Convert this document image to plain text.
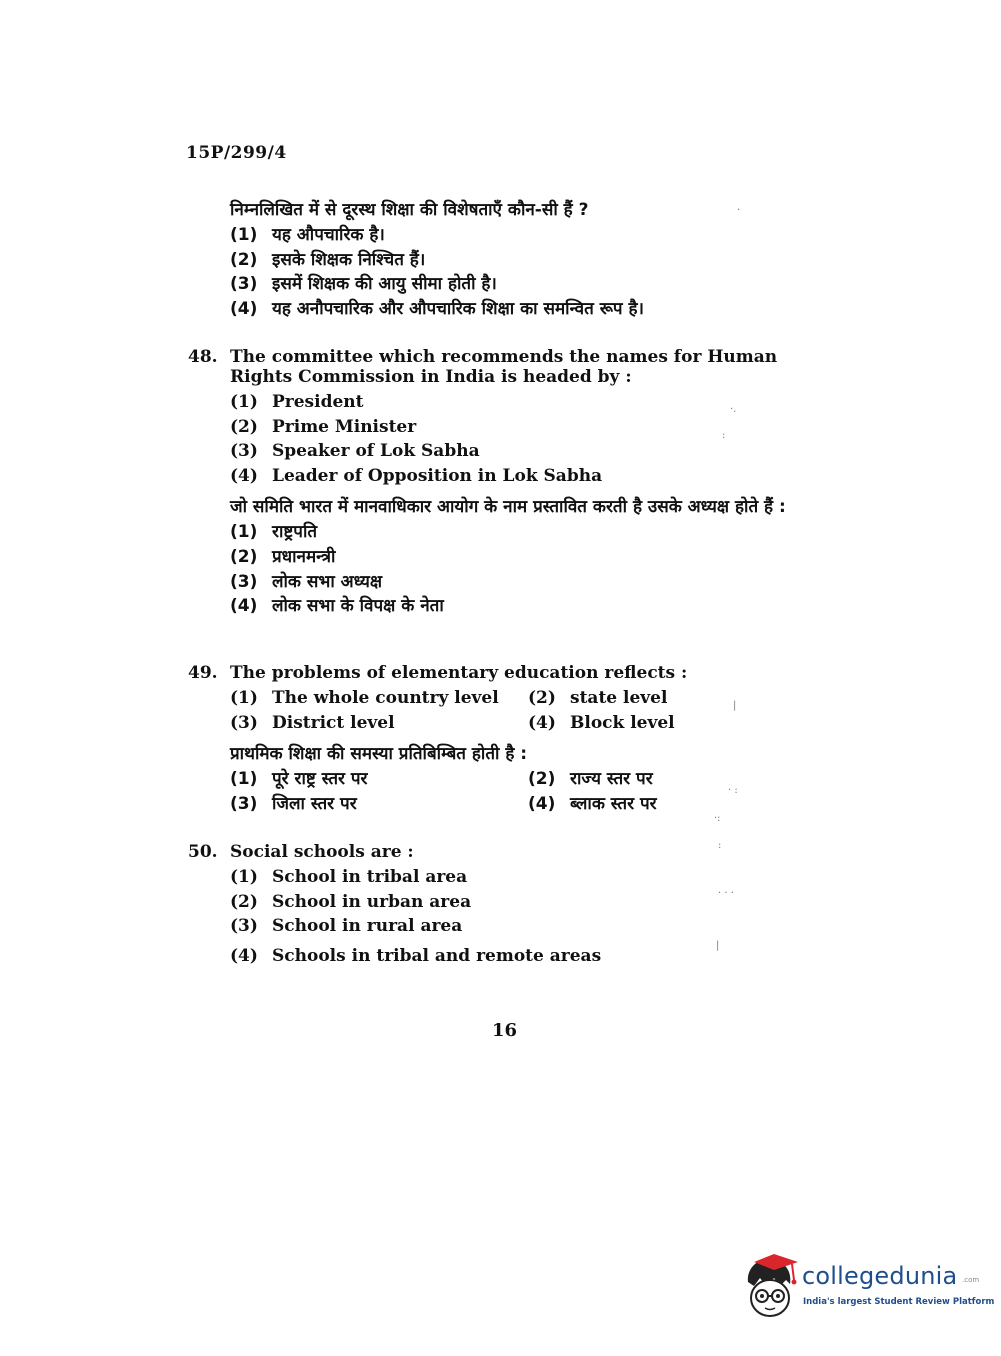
15P/299/4
निम्नलिखित में से दूरस्थ शिक्षा की विशेषताएँ कौन-सी हैं ?
(1) यह औपचारिक है।
(2) इसके शिक्षक निश्चित हैं।
(3) इसमें शिक्षक की आयु सीमा होती है।
(4) यह अनौपचारिक और औपचारिक शिक्षा का समन्वित रूप है।
48. The committee which recommends the names for Human Rights Commission in India is headed by :
(1) President
(2) Prime Minister
(3) Speaker of Lok Sabha
(4) Leader of Opposition in Lok Sabha
जो समिति भारत में मानवाधिकार आयोग के नाम प्रस्तावित करती है उसके अध्यक्ष होते हैं :
(1) राष्ट्रपति
(2) प्रधानमन्त्री
(3) लोक सभा अध्यक्ष
(4) लोक सभा के विपक्ष के नेता
49. The problems of elementary education reflects :
(1) The whole country level	(2) state level
(3) District level	(4) Block level
प्राथमिक शिक्षा की समस्या प्रतिबिम्बित होती है :
(1) पूरे राष्ट्र स्तर पर	(2) राज्य स्तर पर
(3) जिला स्तर पर	(4) ब्लाक स्तर पर
50. Social schools are :
(1) School in tribal area
(2) School in urban area
(3) School in rural area
(4) Schools in tribal and remote areas
16
·
·.
:
|
· :
·:
:
· · ·
|
collegedunia .com
India's largest Student Review Platform
